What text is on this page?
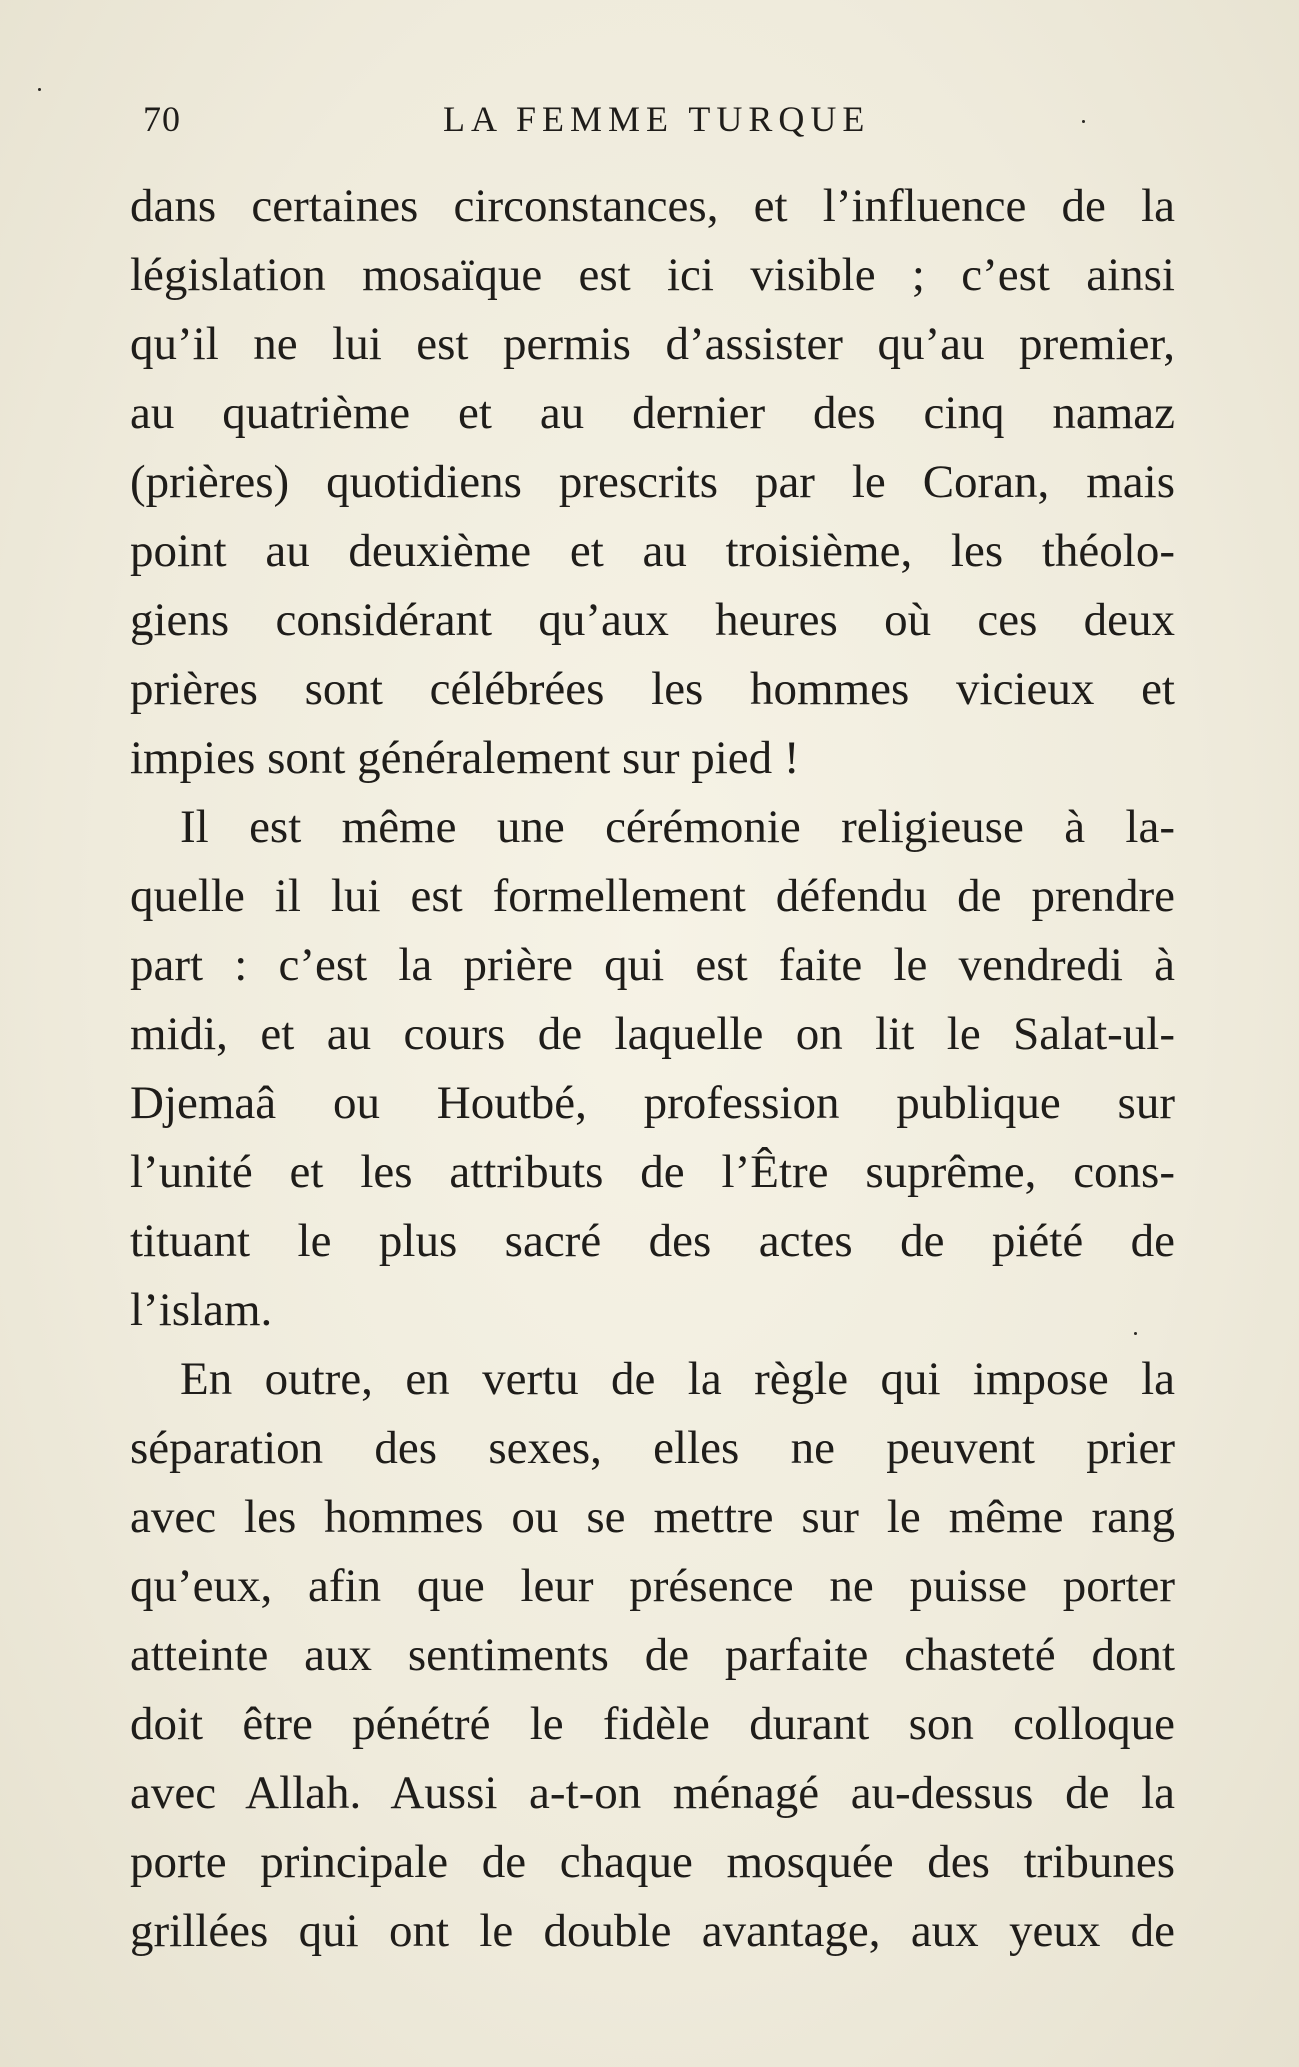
70	LA FEMME TURQUE
dans certaines circonstances, et l’influence de la
législation mosaïque est ici visible ; c’est ainsi
qu’il ne lui est permis d’assister qu’au premier,
au quatrième et au dernier des cinq namaz
(prières) quotidiens prescrits par le Coran, mais
point au deuxième et au troisième, les théolo-
giens considérant qu’aux heures où ces deux
prières sont célébrées les hommes vicieux et
impies sont généralement sur pied !
Il est même une cérémonie religieuse à la-
quelle il lui est formellement défendu de prendre
part : c’est la prière qui est faite le vendredi à
midi, et au cours de laquelle on lit le Salat-ul-
Djemaâ ou Houtbé, profession publique sur
l’unité et les attributs de l’Être suprême, cons-
tituant le plus sacré des actes de piété de
l’islam.
En outre, en vertu de la règle qui impose la
séparation des sexes, elles ne peuvent prier
avec les hommes ou se mettre sur le même rang
qu’eux, afin que leur présence ne puisse porter
atteinte aux sentiments de parfaite chasteté dont
doit être pénétré le fidèle durant son colloque
avec Allah. Aussi a-t-on ménagé au-dessus de la
porte principale de chaque mosquée des tribunes
grillées qui ont le double avantage, aux yeux de
